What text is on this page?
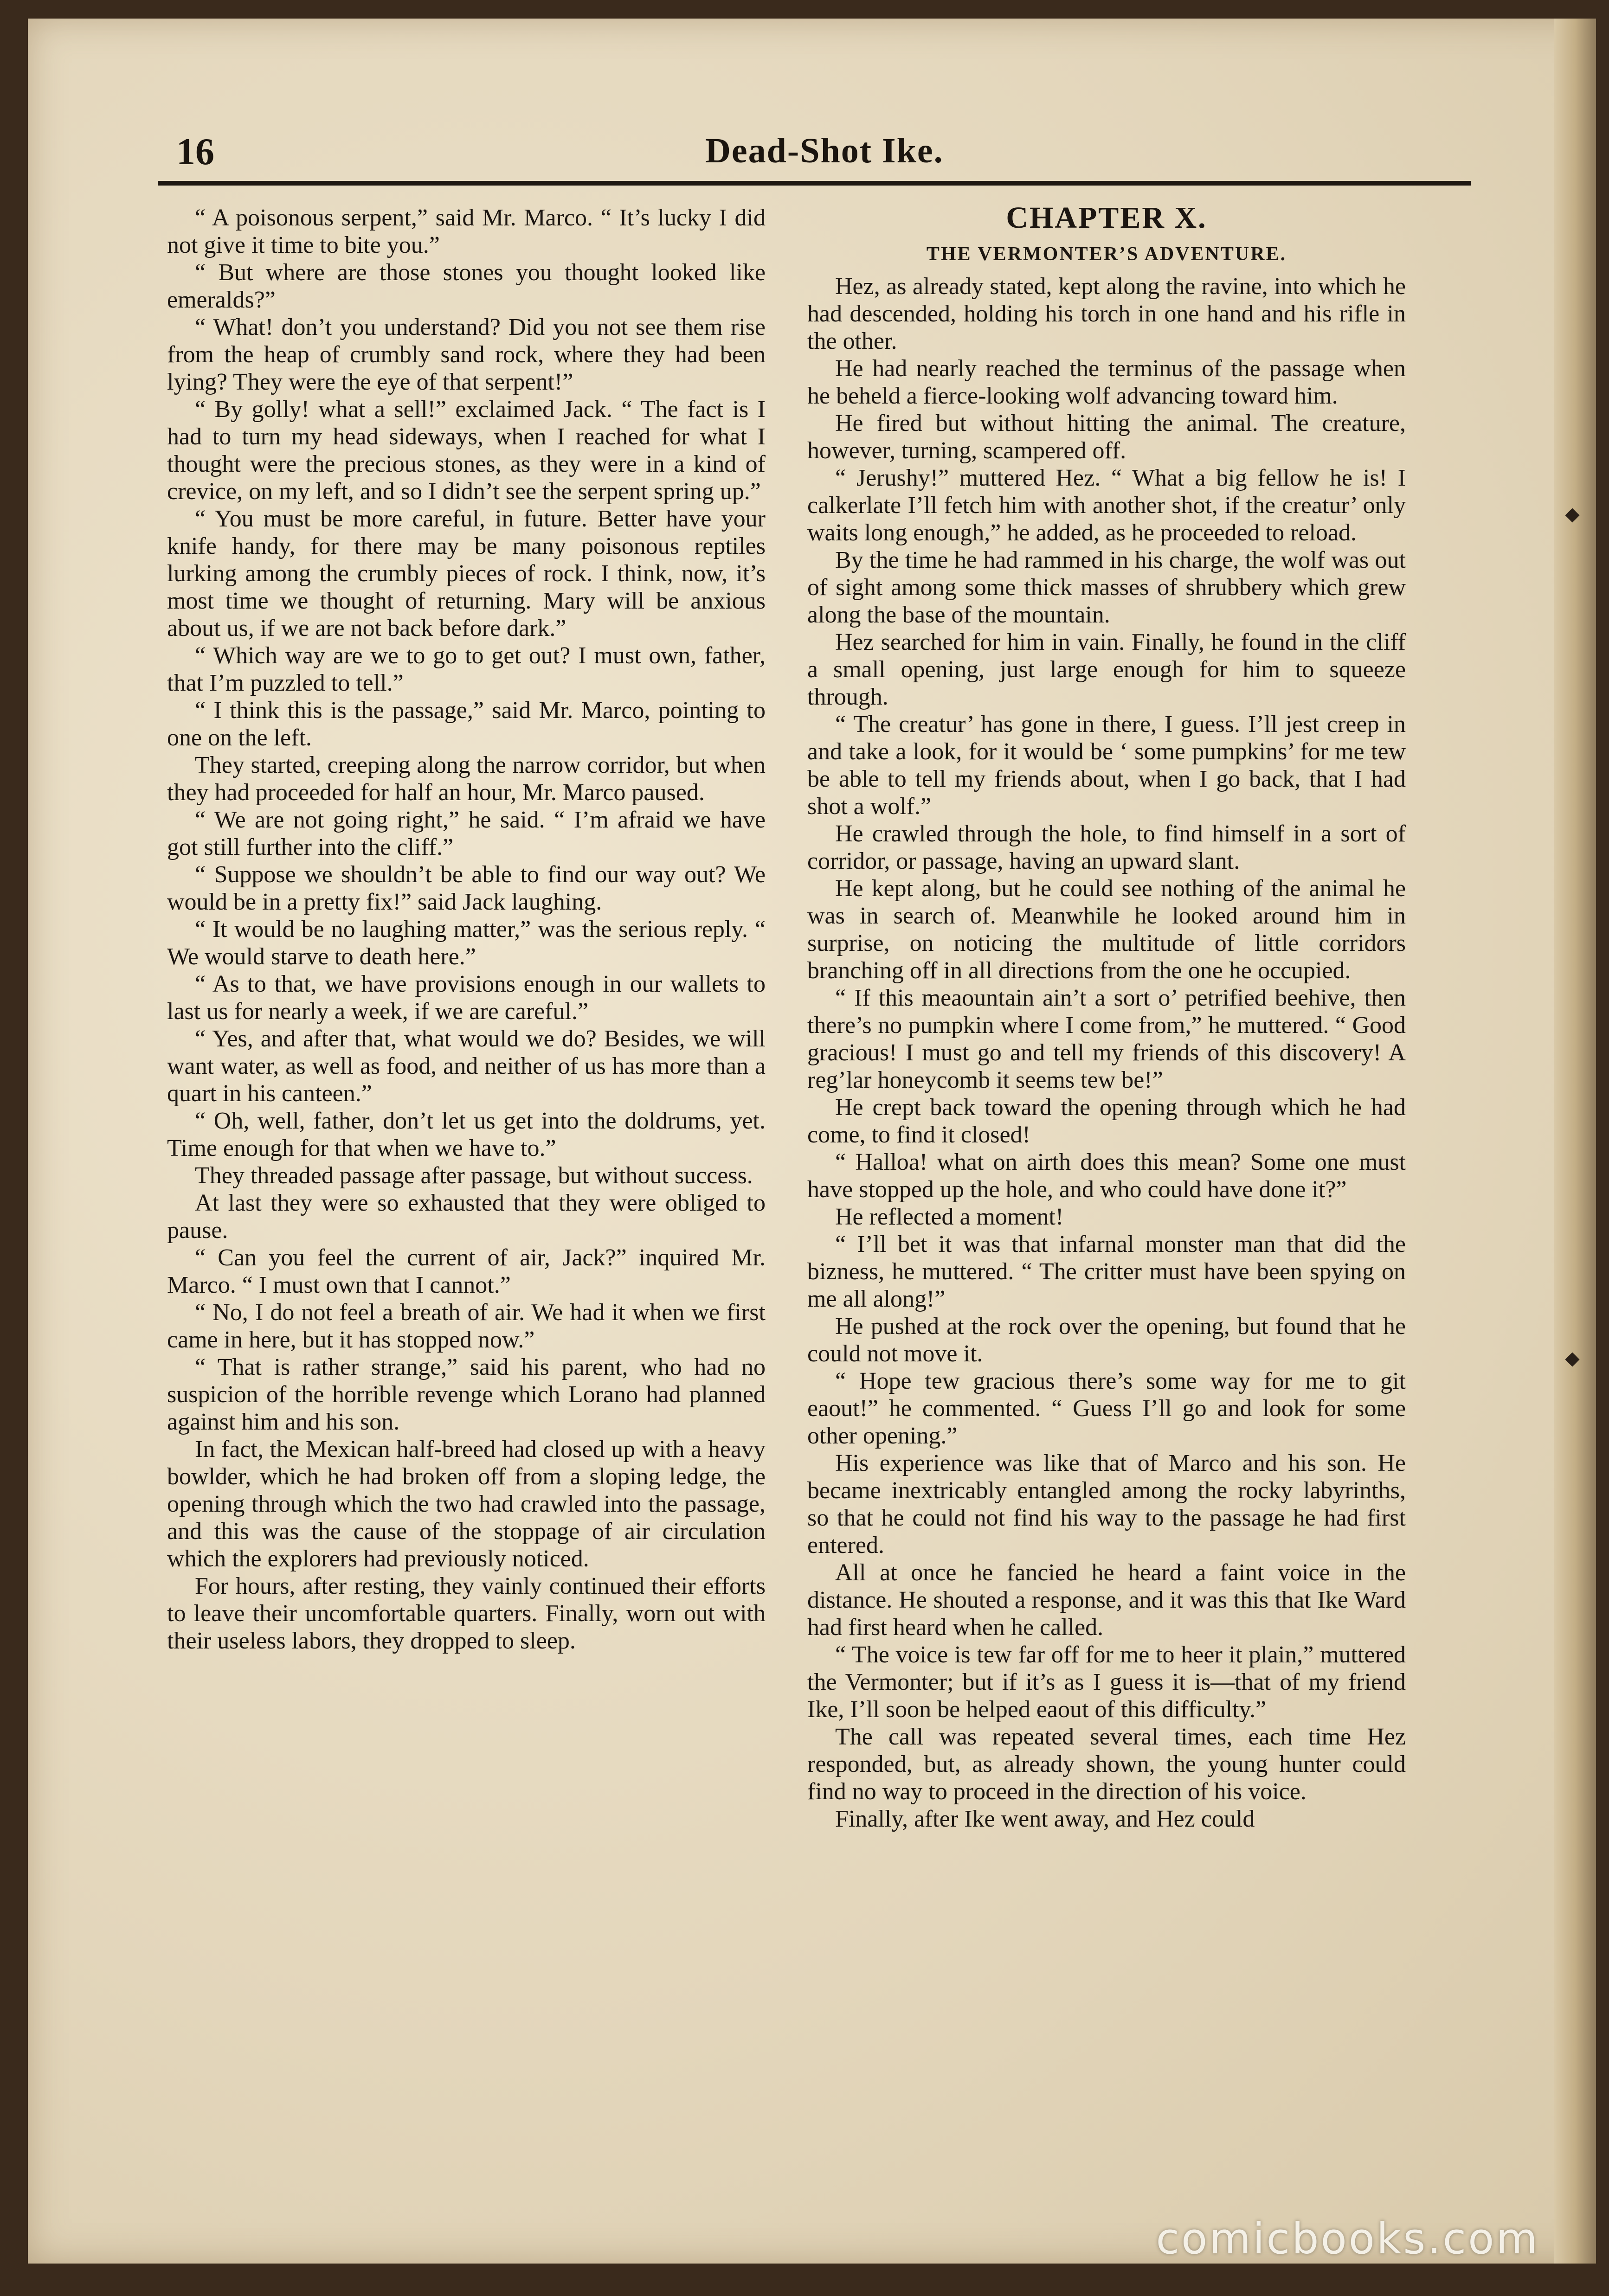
16	Dead-Shot Ike.

“ A poisonous serpent,” said Mr. Marco. “ It’s lucky I did not give it time to bite you.”

“ But where are those stones you thought looked like emeralds?”

“ What! don’t you understand? Did you not see them rise from the heap of crumbly sand rock, where they had been lying? They were the eye of that serpent!”

“ By golly! what a sell!” exclaimed Jack. “ The fact is I had to turn my head sideways, when I reached for what I thought were the precious stones, as they were in a kind of crevice, on my left, and so I didn’t see the serpent spring up.”

“ You must be more careful, in future. Better have your knife handy, for there may be many poisonous reptiles lurking among the crumbly pieces of rock. I think, now, it’s most time we thought of returning. Mary will be anxious about us, if we are not back before dark.”

“ Which way are we to go to get out? I must own, father, that I’m puzzled to tell.”

“ I think this is the passage,” said Mr. Marco, pointing to one on the left.

They started, creeping along the narrow corridor, but when they had proceeded for half an hour, Mr. Marco paused.

“ We are not going right,” he said. “ I’m afraid we have got still further into the cliff.”

“ Suppose we shouldn’t be able to find our way out? We would be in a pretty fix!” said Jack laughing.

“ It would be no laughing matter,” was the serious reply. “ We would starve to death here.”

“ As to that, we have provisions enough in our wallets to last us for nearly a week, if we are careful.”

“ Yes, and after that, what would we do? Besides, we will want water, as well as food, and neither of us has more than a quart in his canteen.”

“ Oh, well, father, don’t let us get into the doldrums, yet. Time enough for that when we have to.”

They threaded passage after passage, but without success.

At last they were so exhausted that they were obliged to pause.

“ Can you feel the current of air, Jack?” inquired Mr. Marco. “ I must own that I cannot.”

“ No, I do not feel a breath of air. We had it when we first came in here, but it has stopped now.”

“ That is rather strange,” said his parent, who had no suspicion of the horrible revenge which Lorano had planned against him and his son.

In fact, the Mexican half-breed had closed up with a heavy bowlder, which he had broken off from a sloping ledge, the opening through which the two had crawled into the passage, and this was the cause of the stoppage of air circulation which the explorers had previously noticed.

For hours, after resting, they vainly continued their efforts to leave their uncomfortable quarters. Finally, worn out with their useless labors, they dropped to sleep.

CHAPTER X.
THE VERMONTER’S ADVENTURE.

Hez, as already stated, kept along the ravine, into which he had descended, holding his torch in one hand and his rifle in the other.

He had nearly reached the terminus of the passage when he beheld a fierce-looking wolf advancing toward him.

He fired but without hitting the animal. The creature, however, turning, scampered off.

“ Jerushy!” muttered Hez. “ What a big fellow he is! I calkerlate I’ll fetch him with another shot, if the creatur’ only waits long enough,” he added, as he proceeded to reload.

By the time he had rammed in his charge, the wolf was out of sight among some thick masses of shrubbery which grew along the base of the mountain.

Hez searched for him in vain. Finally, he found in the cliff a small opening, just large enough for him to squeeze through.

“ The creatur’ has gone in there, I guess. I’ll jest creep in and take a look, for it would be ‘ some pumpkins’ for me tew be able to tell my friends about, when I go back, that I had shot a wolf.”

He crawled through the hole, to find himself in a sort of corridor, or passage, having an upward slant.

He kept along, but he could see nothing of the animal he was in search of. Meanwhile he looked around him in surprise, on noticing the multitude of little corridors branching off in all directions from the one he occupied.

“ If this meaountain ain’t a sort o’ petrified beehive, then there’s no pumpkin where I come from,” he muttered. “ Good gracious! I must go and tell my friends of this discovery! A reg’lar honeycomb it seems tew be!”

He crept back toward the opening through which he had come, to find it closed!

“ Halloa! what on airth does this mean? Some one must have stopped up the hole, and who could have done it?”

He reflected a moment!

“ I’ll bet it was that infarnal monster man that did the bizness, he muttered. “ The critter must have been spying on me all along!”

He pushed at the rock over the opening, but found that he could not move it.

“ Hope tew gracious there’s some way for me to git eaout!” he commented. “ Guess I’ll go and look for some other opening.”

His experience was like that of Marco and his son. He became inextricably entangled among the rocky labyrinths, so that he could not find his way to the passage he had first entered.

All at once he fancied he heard a faint voice in the distance. He shouted a response, and it was this that Ike Ward had first heard when he called.

“ The voice is tew far off for me to heer it plain,” muttered the Vermonter; but if it’s as I guess it is—that of my friend Ike, I’ll soon be helped eaout of this difficulty.”

The call was repeated several times, each time Hez responded, but, as already shown, the young hunter could find no way to proceed in the direction of his voice.

Finally, after Ike went away, and Hez could

comicbooks.com
